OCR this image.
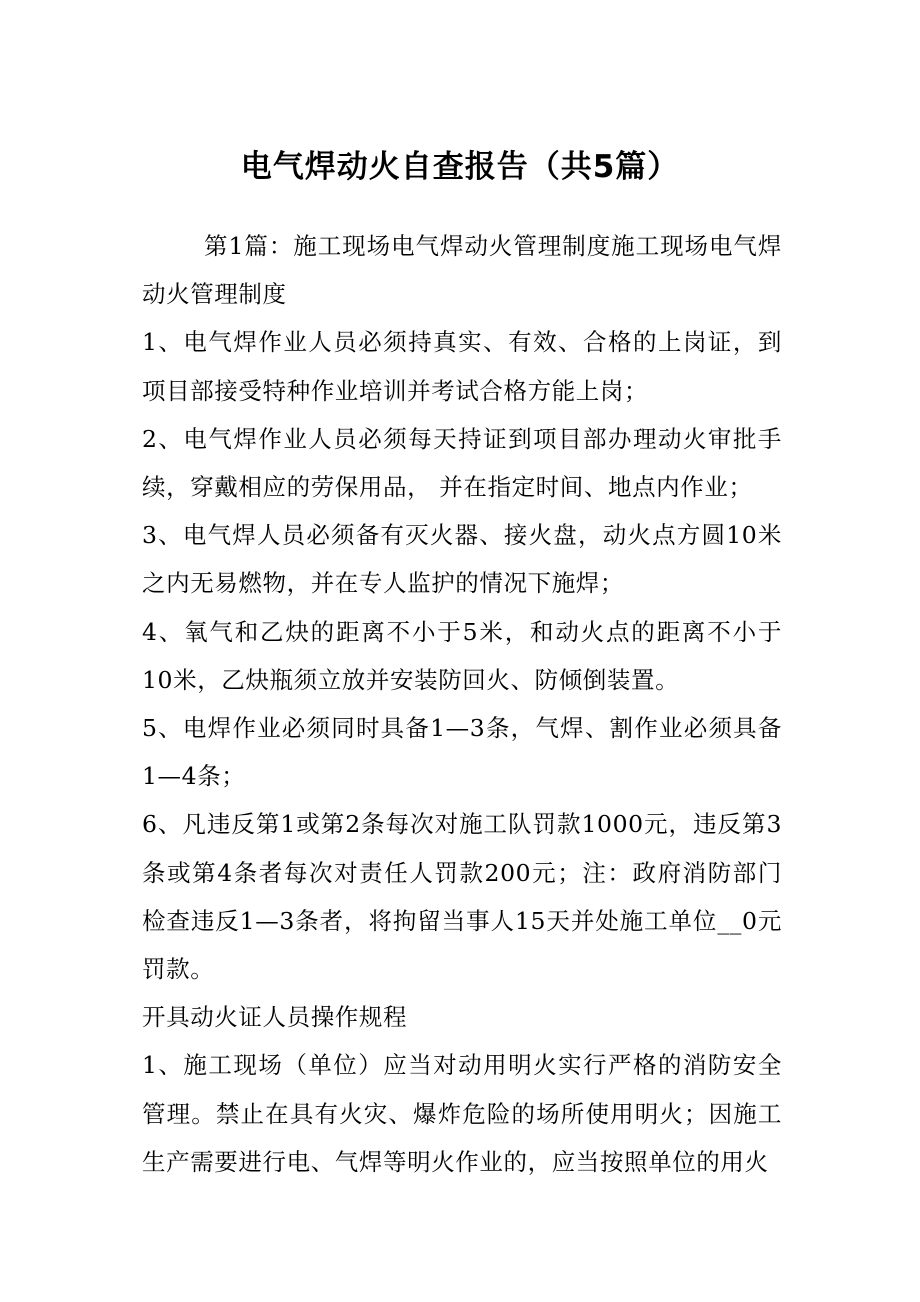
电气焊动火自查报告（共5篇）

第1篇：施工现场电气焊动火管理制度施工现场电气焊动火管理制度

1、电气焊作业人员必须持真实、有效、合格的上岗证，到项目部接受特种作业培训并考试合格方能上岗；

2、电气焊作业人员必须每天持证到项目部办理动火审批手续，穿戴相应的劳保用品， 并在指定时间、地点内作业；

3、电气焊人员必须备有灭火器、接火盘，动火点方圆10米之内无易燃物，并在专人监护的情况下施焊；

4、氧气和乙炔的距离不小于5米，和动火点的距离不小于10米，乙炔瓶须立放并安装防回火、防倾倒装置。

5、电焊作业必须同时具备1—3条，气焊、割作业必须具备1—4条；

6、凡违反第1或第2条每次对施工队罚款1000元，违反第3条或第4条者每次对责任人罚款200元；注：政府消防部门检查违反1—3条者，将拘留当事人15天并处施工单位__0元罚款。

开具动火证人员操作规程

1、施工现场（单位）应当对动用明火实行严格的消防安全管理。禁止在具有火灾、爆炸危险的场所使用明火；因施工生产需要进行电、气焊等明火作业的，应当按照单位的用火
